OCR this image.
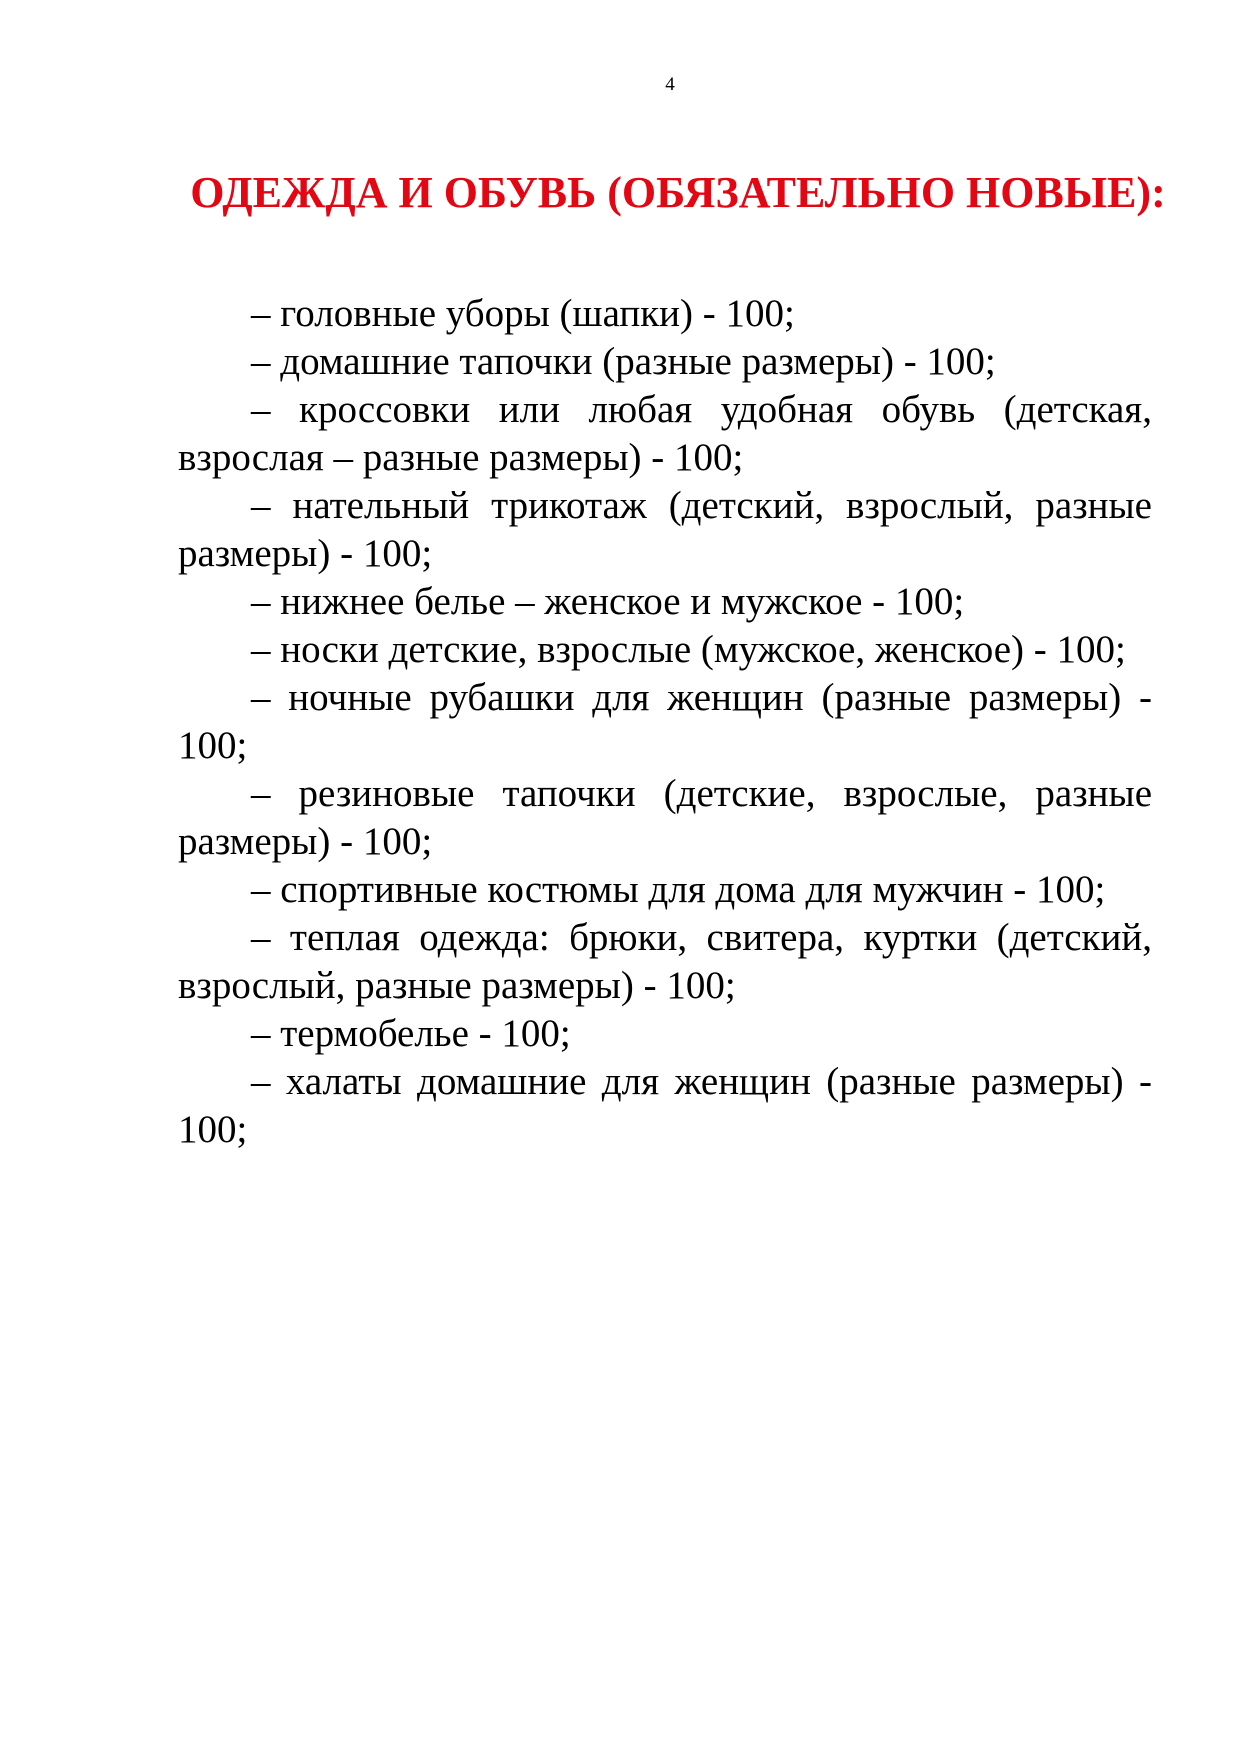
4
ОДЕЖДА И ОБУВЬ (ОБЯЗАТЕЛЬНО НОВЫЕ):
– головные уборы (шапки) - 100;
– домашние тапочки (разные размеры) - 100;
– кроссовки или любая удобная обувь (детская, взрослая – разные размеры) - 100;
– нательный трикотаж (детский, взрослый, разные размеры) - 100;
– нижнее белье – женское и мужское - 100;
– носки детские, взрослые (мужское, женское) - 100;
– ночные рубашки для женщин (разные размеры) - 100;
– резиновые тапочки (детские, взрослые, разные размеры) - 100;
– спортивные костюмы для дома для мужчин - 100;
– теплая одежда: брюки, свитера, куртки (детский, взрослый, разные размеры) - 100;
– термобелье - 100;
– халаты домашние для женщин (разные размеры) - 100;
